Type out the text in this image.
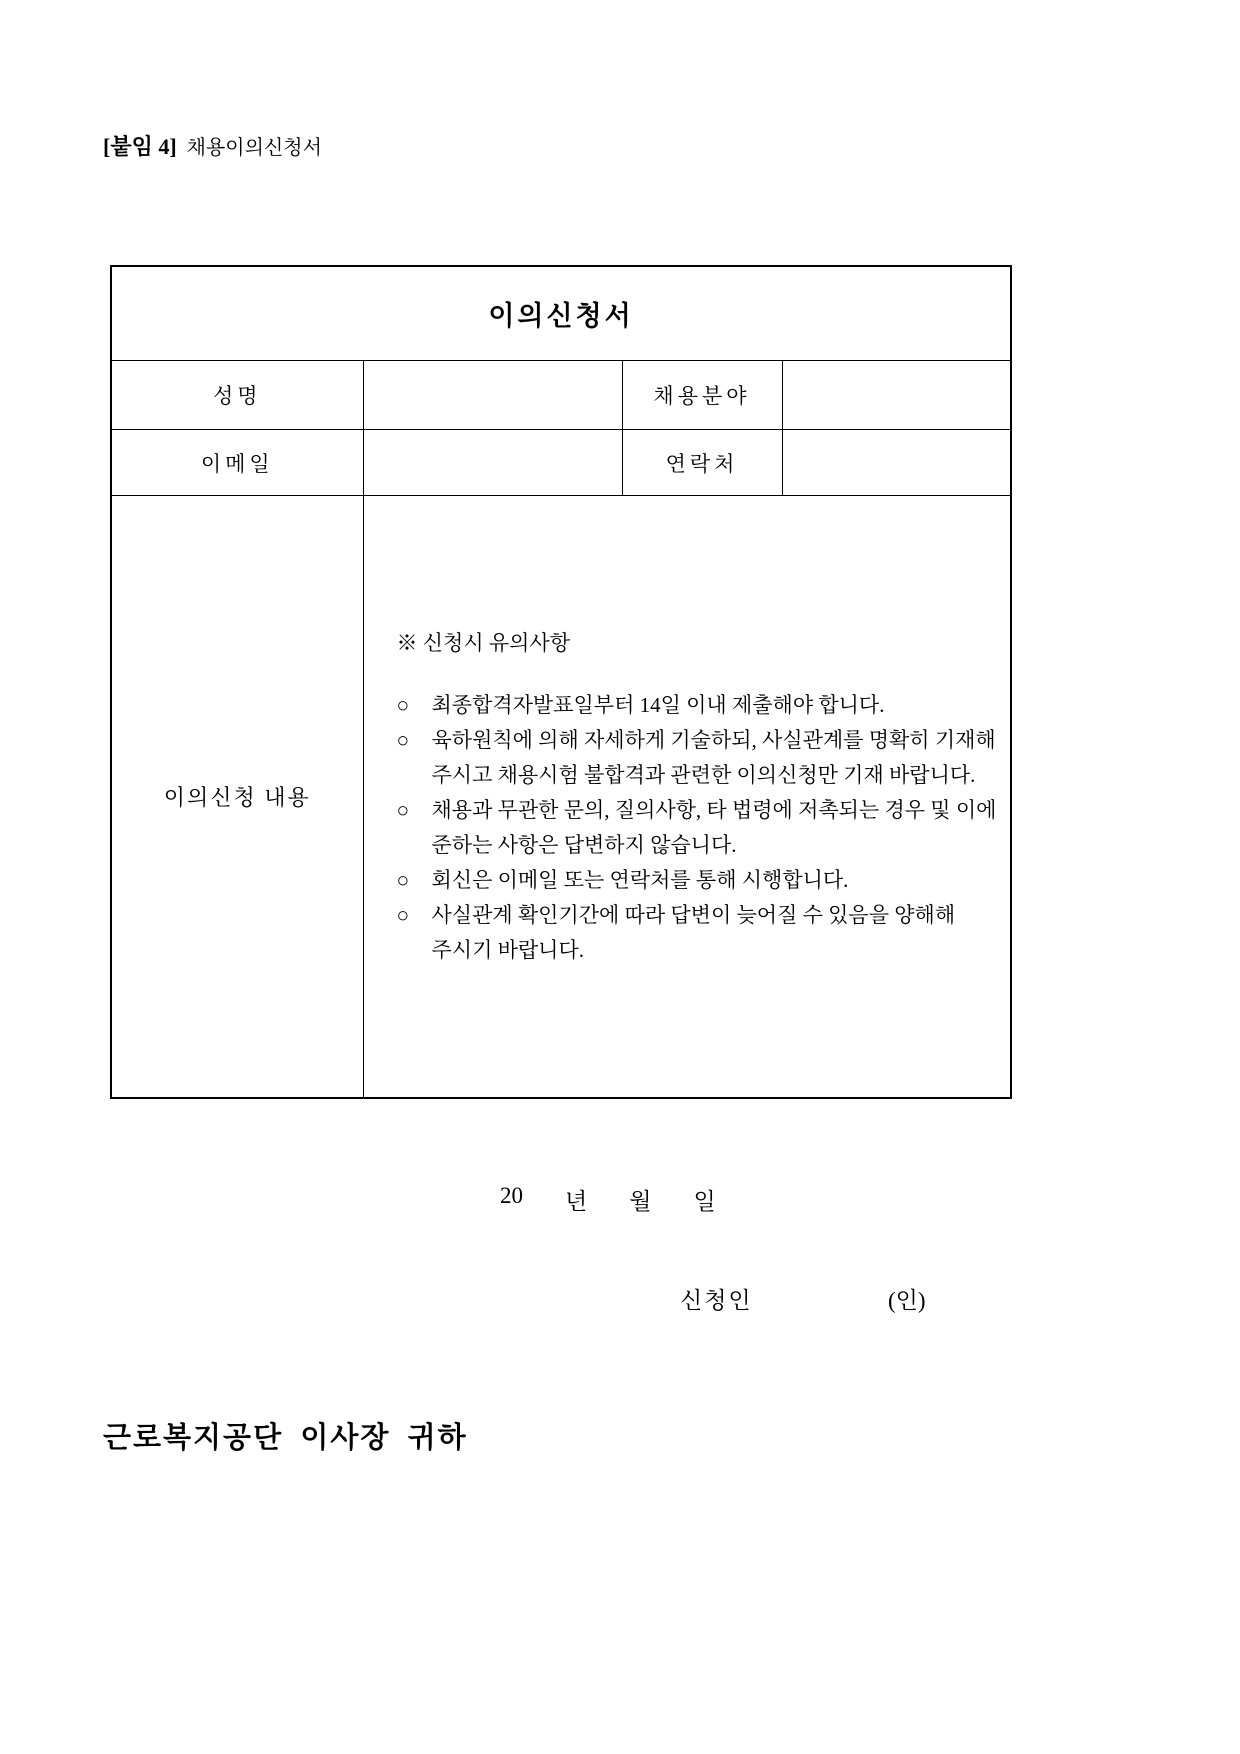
[붙임 4] 채용이의신청서
이의신청서			
성명		채용분야	
이메일		연락처	
이의신청 내용	
※ 신청시 유의사항
○ 최종합격자발표일부터 14일 이내 제출해야 합니다.
○ 육하원칙에 의해 자세하게 기술하되, 사실관계를 명확히 기재해
주시고 채용시험 불합격과 관련한 이의신청만 기재 바랍니다.
○ 채용과 무관한 문의, 질의사항, 타 법령에 저촉되는 경우 및 이에
준하는 사항은 답변하지 않습니다.
○ 회신은 이메일 또는 연락처를 통해 시행합니다.
○ 사실관계 확인기간에 따라 답변이 늦어질 수 있음을 양해해
주시기 바랍니다.
20 년 월 일
신청인	(인)
근로복지공단 이사장 귀하
